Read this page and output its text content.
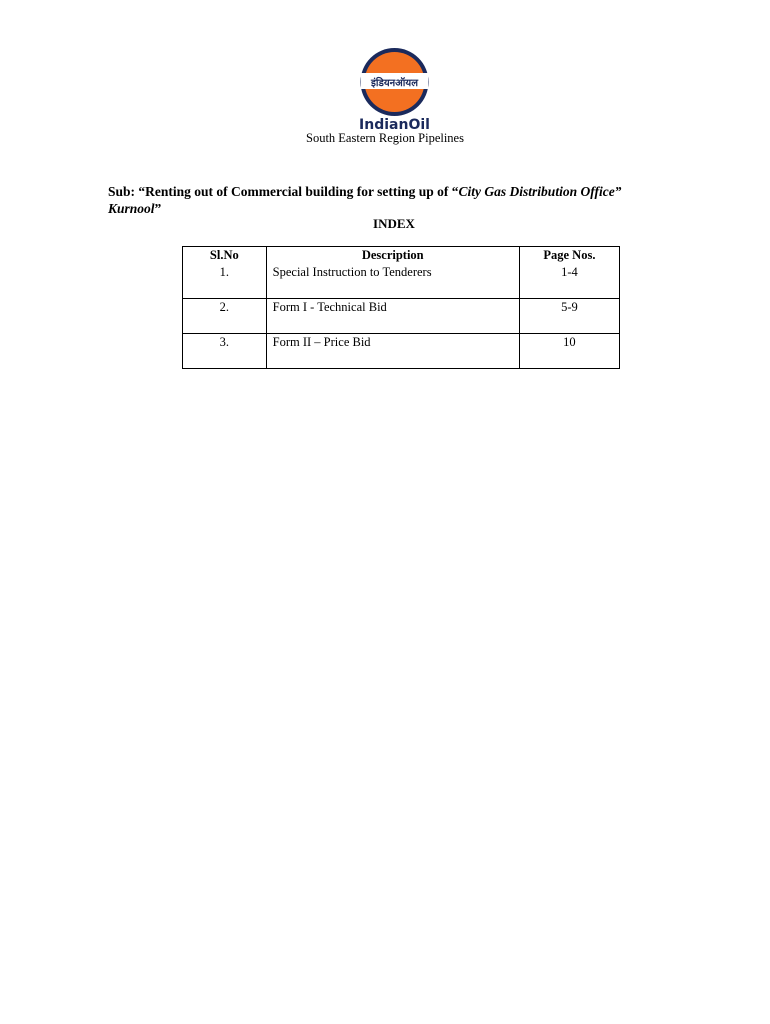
इंडियनऑयल
IndianOil
South Eastern Region Pipelines
Sub: “Renting out of Commercial building for setting up of “City Gas Distribution Office” Kurnool”
INDEX
Sl.No	Description	Page Nos.
1.	Special Instruction to Tenderers	1-4
2.	Form I - Technical Bid	5-9
3.	Form II – Price Bid	10
